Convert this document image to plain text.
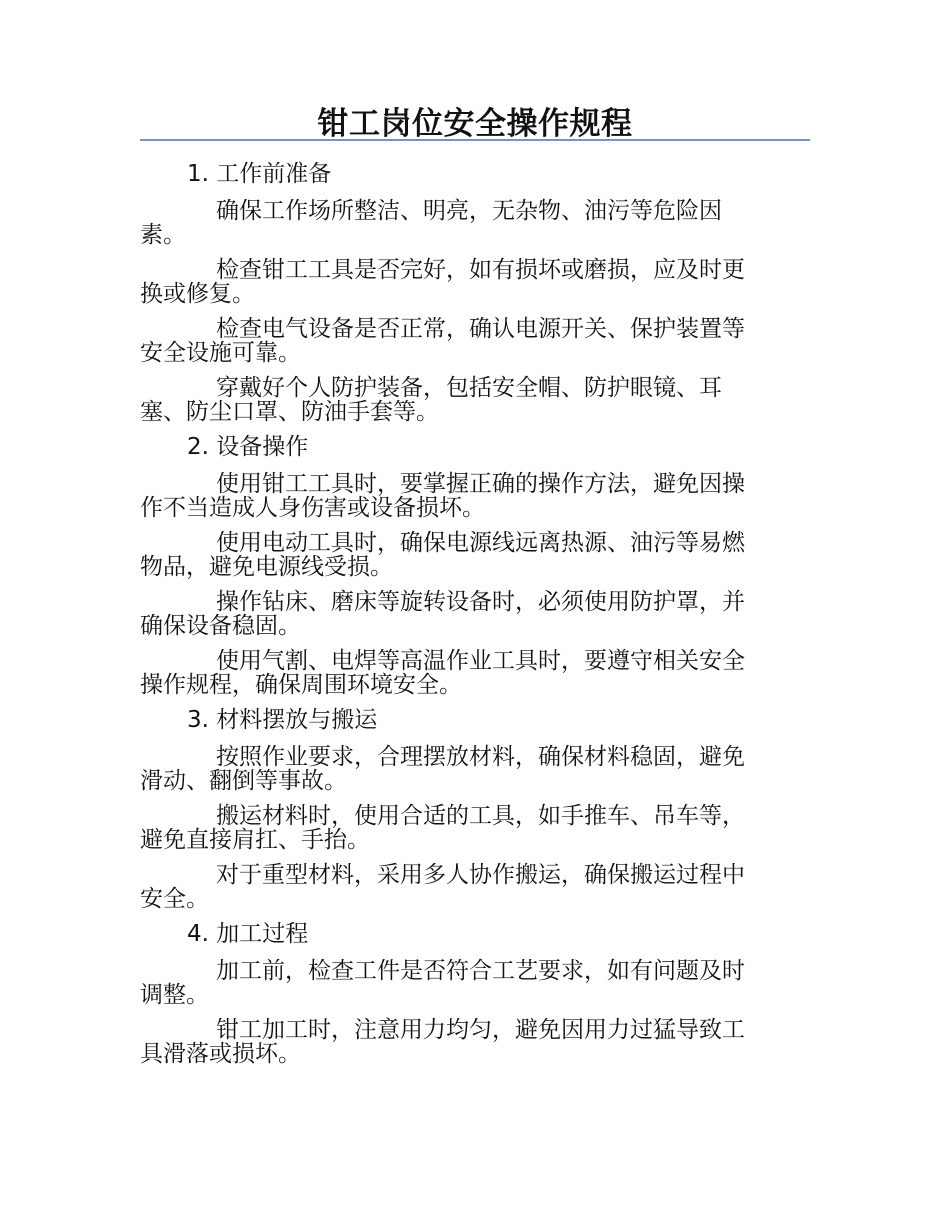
钳工岗位安全操作规程
1. 工作前准备
确保工作场所整洁、明亮，无杂物、油污等危险因
素。
检查钳工工具是否完好，如有损坏或磨损，应及时更
换或修复。
检查电气设备是否正常，确认电源开关、保护装置等
安全设施可靠。
穿戴好个人防护装备，包括安全帽、防护眼镜、耳
塞、防尘口罩、防油手套等。
2. 设备操作
使用钳工工具时，要掌握正确的操作方法，避免因操
作不当造成人身伤害或设备损坏。
使用电动工具时，确保电源线远离热源、油污等易燃
物品，避免电源线受损。
操作钻床、磨床等旋转设备时，必须使用防护罩，并
确保设备稳固。
使用气割、电焊等高温作业工具时，要遵守相关安全
操作规程，确保周围环境安全。
3. 材料摆放与搬运
按照作业要求，合理摆放材料，确保材料稳固，避免
滑动、翻倒等事故。
搬运材料时，使用合适的工具，如手推车、吊车等，
避免直接肩扛、手抬。
对于重型材料，采用多人协作搬运，确保搬运过程中
安全。
4. 加工过程
加工前，检查工件是否符合工艺要求，如有问题及时
调整。
钳工加工时，注意用力均匀，避免因用力过猛导致工
具滑落或损坏。
